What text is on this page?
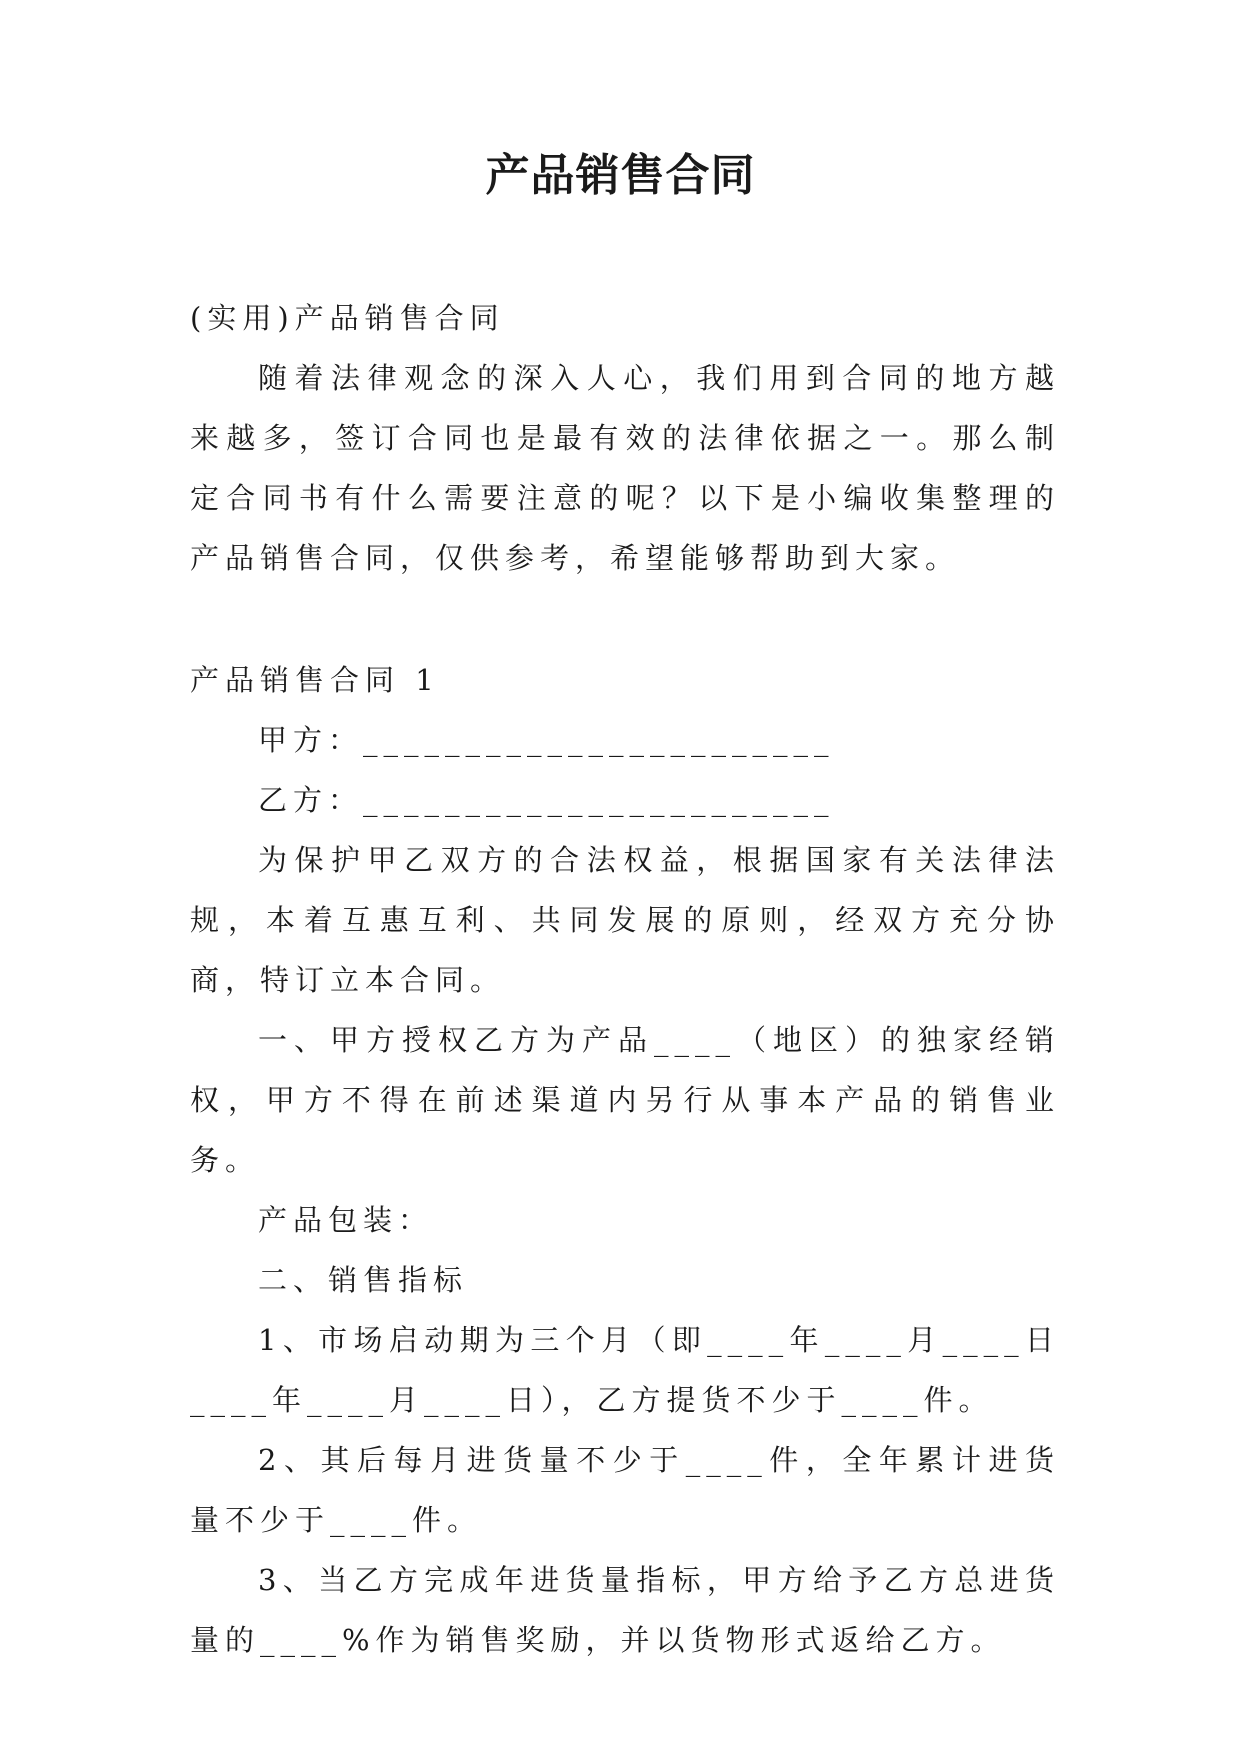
产品销售合同

(实用)产品销售合同

随着法律观念的深入人心，我们用到合同的地方越来越多，签订合同也是最有效的法律依据之一。那么制定合同书有什么需要注意的呢？以下是小编收集整理的产品销售合同，仅供参考，希望能够帮助到大家。

产品销售合同 1

甲方：_______________________

乙方：_______________________

为保护甲乙双方的合法权益，根据国家有关法律法规，本着互惠互利、共同发展的原则，经双方充分协商，特订立本合同。

一、甲方授权乙方为产品____（地区）的独家经销权，甲方不得在前述渠道内另行从事本产品的销售业务。

产品包装：

二、销售指标

1、市场启动期为三个月（即____年____月____日____年____月____日），乙方提货不少于____件。

2、其后每月进货量不少于____件，全年累计进货量不少于____件。

3、当乙方完成年进货量指标，甲方给予乙方总进货量的____%作为销售奖励，并以货物形式返给乙方。
